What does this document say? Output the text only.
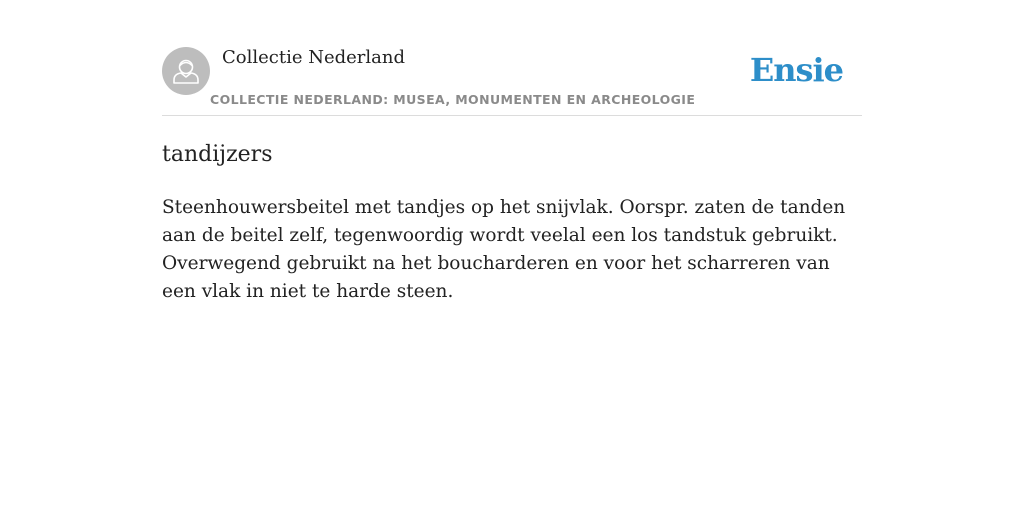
Collectie Nederland
COLLECTIE NEDERLAND: MUSEA, MONUMENTEN EN ARCHEOLOGIE
Ensie
tandijzers

Steenhouwersbeitel met tandjes op het snijvlak. Oorspr. zaten de tanden aan de beitel zelf, tegenwoordig wordt veelal een los tandstuk gebruikt. Overwegend gebruikt na het boucharderen en voor het scharreren van een vlak in niet te harde steen.
